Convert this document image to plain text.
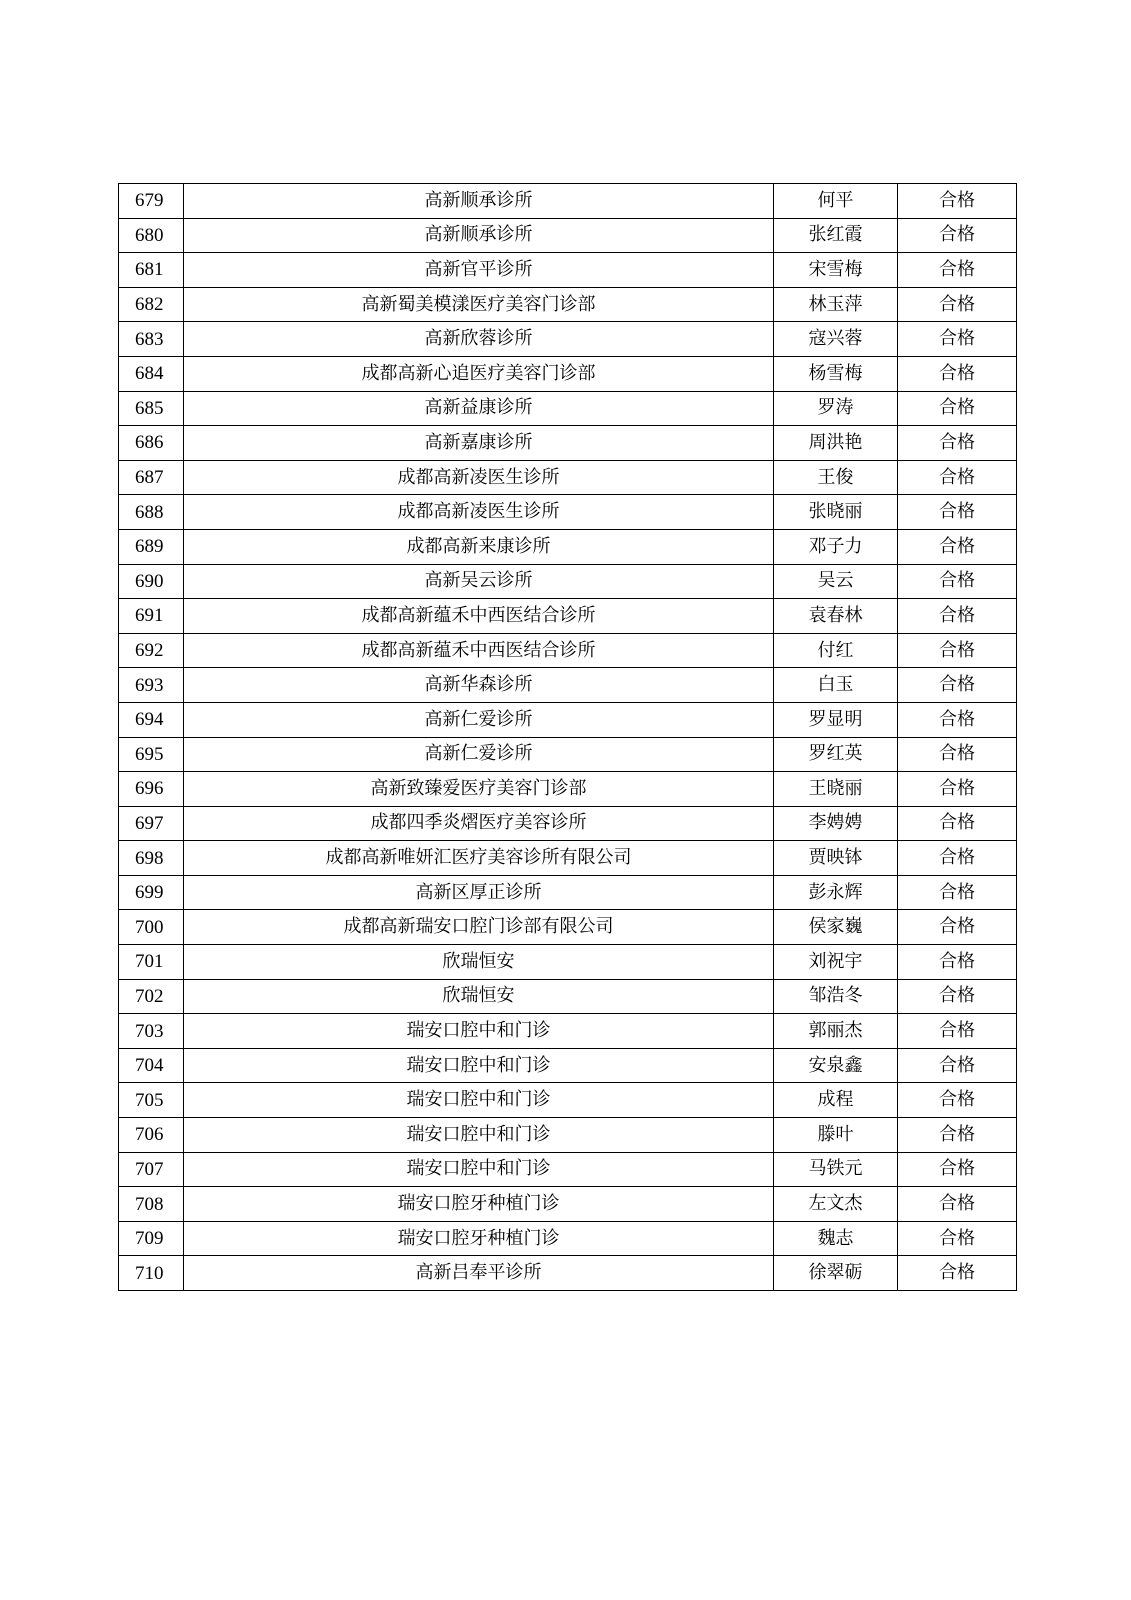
679	高新顺承诊所	何平	合格
680	高新顺承诊所	张红霞	合格
681	高新官平诊所	宋雪梅	合格
682	高新蜀美模漾医疗美容门诊部	林玉萍	合格
683	高新欣蓉诊所	寇兴蓉	合格
684	成都高新心追医疗美容门诊部	杨雪梅	合格
685	高新益康诊所	罗涛	合格
686	高新嘉康诊所	周洪艳	合格
687	成都高新凌医生诊所	王俊	合格
688	成都高新凌医生诊所	张晓丽	合格
689	成都高新来康诊所	邓子力	合格
690	高新吴云诊所	吴云	合格
691	成都高新蕴禾中西医结合诊所	袁春林	合格
692	成都高新蕴禾中西医结合诊所	付红	合格
693	高新华森诊所	白玉	合格
694	高新仁爱诊所	罗显明	合格
695	高新仁爱诊所	罗红英	合格
696	高新致臻爱医疗美容门诊部	王晓丽	合格
697	成都四季炎熠医疗美容诊所	李娉娉	合格
698	成都高新唯妍汇医疗美容诊所有限公司	贾映钵	合格
699	高新区厚正诊所	彭永辉	合格
700	成都高新瑞安口腔门诊部有限公司	侯家巍	合格
701	欣瑞恒安	刘祝宇	合格
702	欣瑞恒安	邹浩冬	合格
703	瑞安口腔中和门诊	郭丽杰	合格
704	瑞安口腔中和门诊	安泉鑫	合格
705	瑞安口腔中和门诊	成程	合格
706	瑞安口腔中和门诊	滕叶	合格
707	瑞安口腔中和门诊	马铁元	合格
708	瑞安口腔牙种植门诊	左文杰	合格
709	瑞安口腔牙种植门诊	魏志	合格
710	高新吕奉平诊所	徐翠砺	合格
